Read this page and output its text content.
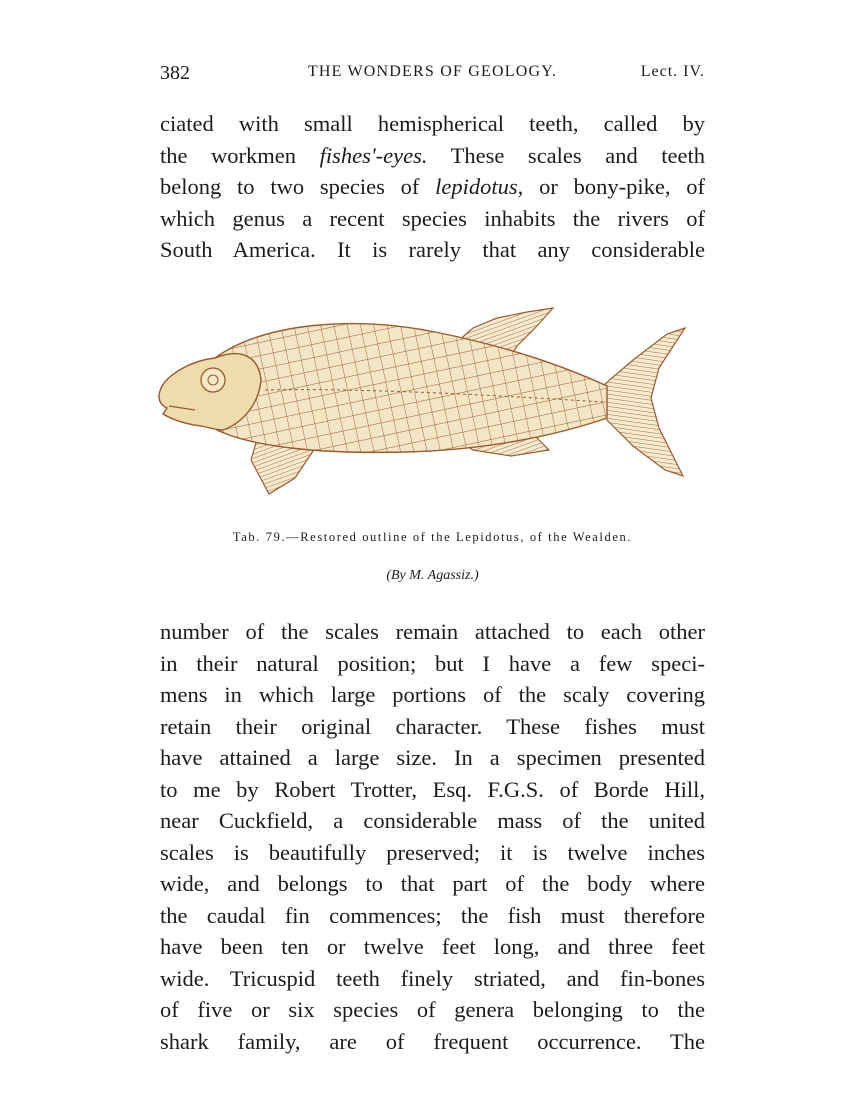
382	THE WONDERS OF GEOLOGY.	Lect. IV.
ciated with small hemispherical teeth, called by
the workmen fishes'-eyes. These scales and teeth
belong to two species of lepidotus, or bony-pike, of
which genus a recent species inhabits the rivers of
South America. It is rarely that any considerable
Tab. 79.—Restored outline of the Lepidotus, of the Wealden.
(By M. Agassiz.)
number of the scales remain attached to each other
in their natural position; but I have a few speci-
mens in which large portions of the scaly covering
retain their original character. These fishes must
have attained a large size. In a specimen presented
to me by Robert Trotter, Esq. F.G.S. of Borde Hill,
near Cuckfield, a considerable mass of the united
scales is beautifully preserved; it is twelve inches
wide, and belongs to that part of the body where
the caudal fin commences; the fish must therefore
have been ten or twelve feet long, and three feet
wide. Tricuspid teeth finely striated, and fin-bones
of five or six species of genera belonging to the
shark family, are of frequent occurrence. The
